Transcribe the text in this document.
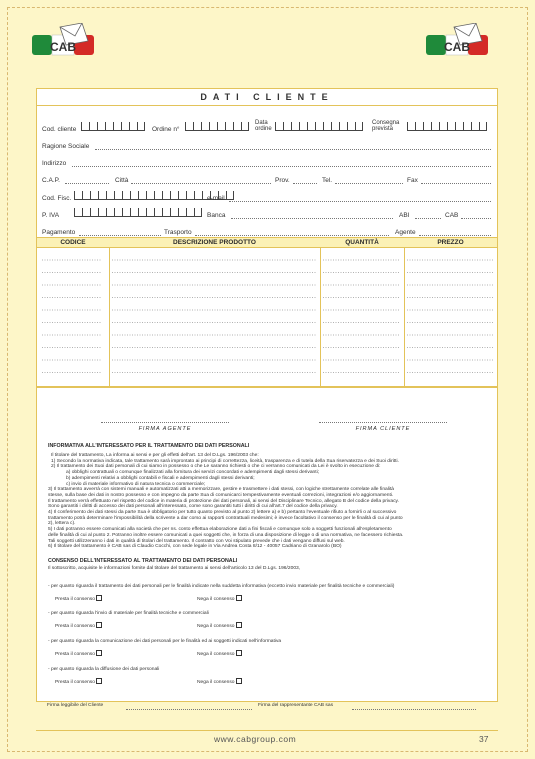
CAB	CAB
DATI CLIENTE
Cod. cliente	Ordine n°
Data
ordine
Consegna
prevista
Ragione Sociale
Indirizzo
C.A.P.	Città	Prov.	Tel.	Fax
Cod. Fisc.	e-mail
P. IVA	Banca	ABI	CAB
Pagamento	Trasporto	Agente
CODICE	DESCRIZIONE PRODOTTO	QUANTITÀ	PREZZO
FIRMA AGENTE	FIRMA CLIENTE
INFORMATIVA ALL'INTERESSATO PER IL TRATTAMENTO DEI DATI PERSONALI
Il titolare del trattamento, La informa ai sensi e per gli effetti dell'art. 13 del D.Lgs. 196/2003 che:
1) Secondo la normativa indicata, tale trattamento sarà improntato ai principi di correttezza, liceità, trasparenza e di tutela della Sua riservatezza e dei Suoi diritti.
2) Il trattamento dei Suoi dati personali di cui siamo in possesso o che Le saranno richiesti o che ci verranno comunicati da Lei è svolto in esecuzione di:
a) obblighi contrattuali o comunque finalizzati alla fornitura dei servizi concordati e adempimenti dagli stessi derivanti;
b) adempimenti relativi a obblighi contabili e fiscali e adempimenti dagli stessi derivanti;
c) invio di materiale informativo di natura tecnica o commerciale;
3) Il trattamento avverrà con sistemi manuali e automatizzati atti a memorizzare, gestire e trasmettere i dati stessi, con logiche strettamente correlate alle finalità
stesse, sulla base dei dati in nostro possesso e con impegno da parte Sua di comunicarci tempestivamente eventuali correzioni, integrazioni e/o aggiornamenti.
Il trattamento verrà effettuato nel rispetto del codice in materia di protezione dei dati personali, ai sensi del Disciplinare Tecnico, allegato B del codice della privacy.
Sono garantiti i diritti di accesso dei dati personali all'interessato, come sono garantiti tutti i diritti di cui all'art.7 del codice della privacy.
4) Il conferimento dei dati stessi da parte Sua è obbligatorio per tutto quanto previsto al punto 2) lettere a) e b) pertanto l'eventuale rifiuto a fornirli o al successivo
trattamento potrà determinare l'impossibilità della scrivente a dar corso ai rapporti contrattuali medesimi; è invece facoltativo il consenso per le finalità di cui al punto
2), lettera c).
5) I dati potranno essere comunicati alla società che per ns. conto effettua elaborazione dati a fini fiscali e comunque solo a soggetti funzionali all'espletamento
delle finalità di cui al punto 2. Potranno inoltre essere comunicati a quei soggetti che, in forza di una disposizione di legge o di una normativa, ne facessero richiesta.
Tali soggetti utilizzeranno i dati in qualità di titolari del trattamento. Il contratto con Voi stipulato prevede che i dati vengano diffusi sul web.
6) Il titolare del trattamento è CAB sas di Claudio Cocchi, con sede legale in Via Andrea Costa 8/12 - 40057 Cadriano di Granarolo (BO)
CONSENSO DELL'INTERESSATO AL TRATTAMENTO DEI DATI PERSONALI
Il sottoscritto, acquisite le informazioni fornite dal titolare del trattamento ai sensi dell'articolo 13 del D.Lgs. 196/2003,
- per quanto riguarda il trattamento dei dati personali per le finalità indicate nella suddetta informativa (eccetto invio materiale per finalità tecniche e commerciali)
Presta il consenso	Nega il consenso
- per quanto riguarda l'invio di materiale per finalità tecniche e commerciali
Presta il consenso	Nega il consenso
- per quanto riguarda la comunicazione dei dati personali per le finalità ed ai soggetti indicati nell'informativa
Presta il consenso	Nega il consenso
- per quanto riguarda la diffusione dei dati personali
Presta il consenso	Nega il consenso
Firma leggibile del Cliente	Firma del rappresentante CAB sas
www.cabgroup.com	37
